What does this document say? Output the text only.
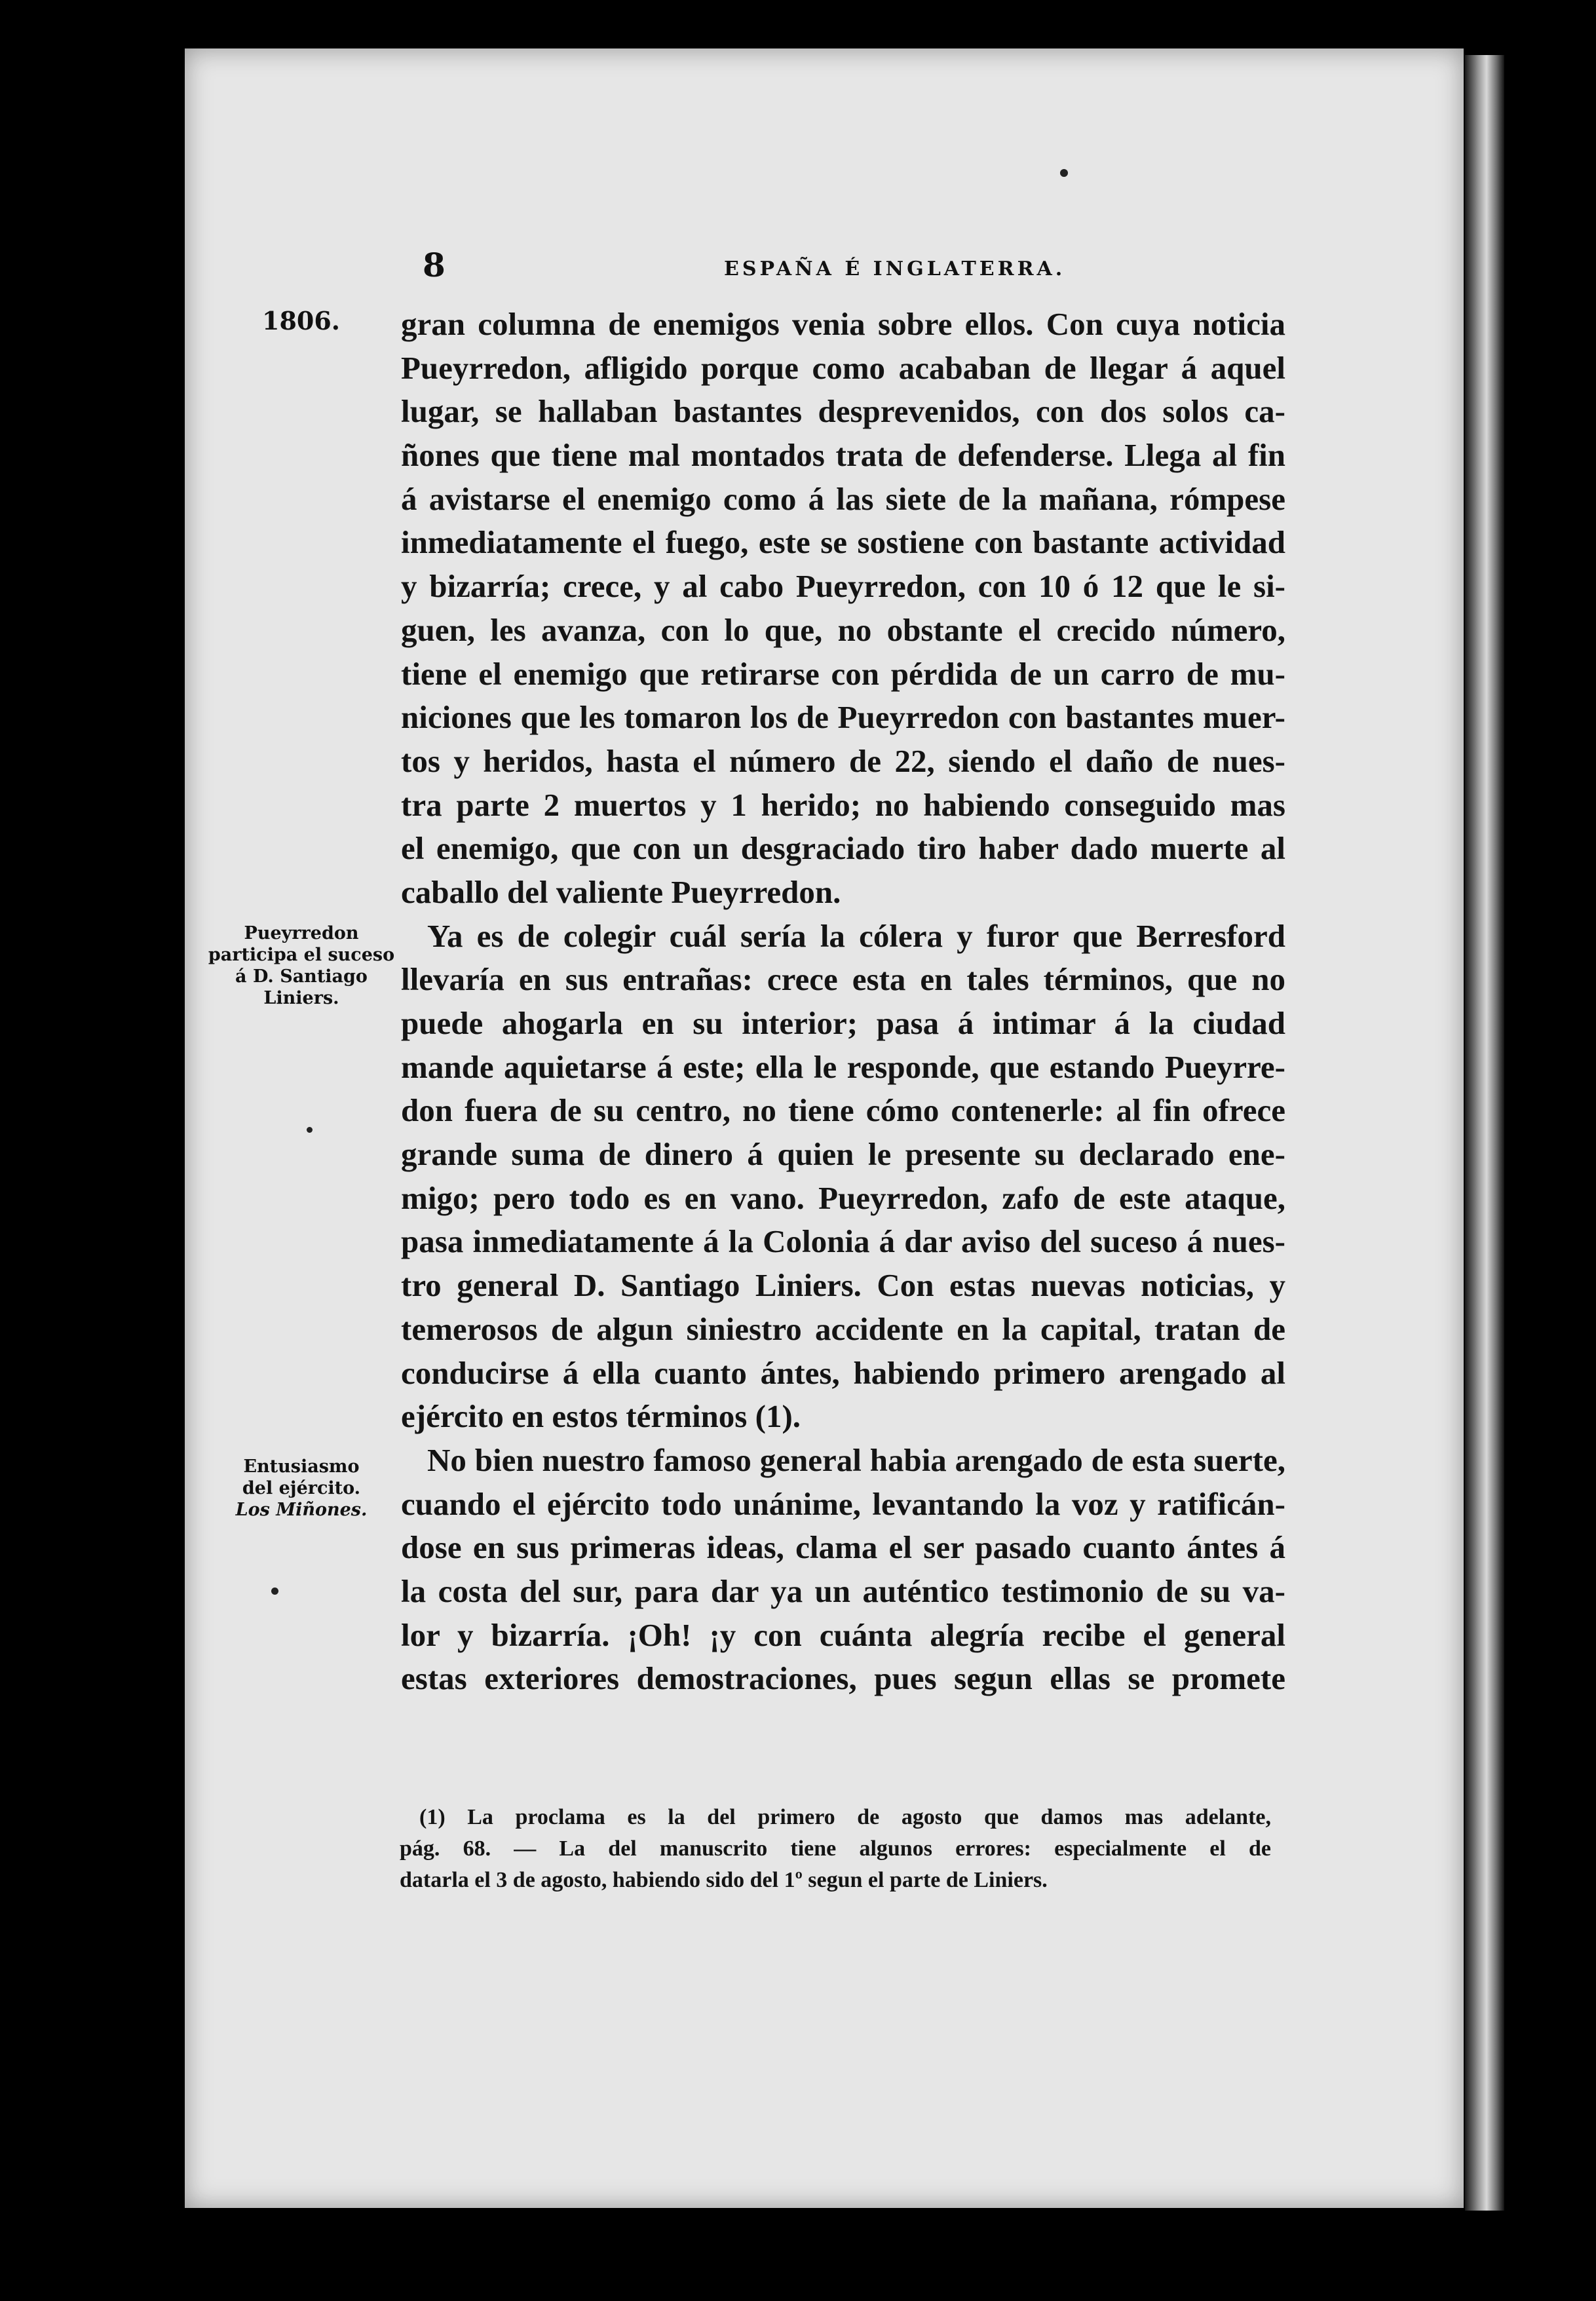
8	ESPAÑA É INGLATERRA.
1806.
Pueyrredon
participa el suceso
á D. Santiago
Liniers.
Entusiasmo
del ejército.
Los Miñones.
gran columna de enemigos venia sobre ellos. Con cuya noticia
Pueyrredon, afligido porque como acababan de llegar á aquel
lugar, se hallaban bastantes desprevenidos, con dos solos ca-
ñones que tiene mal montados trata de defenderse. Llega al fin
á avistarse el enemigo como á las siete de la mañana, rómpese
inmediatamente el fuego, este se sostiene con bastante actividad
y bizarría; crece, y al cabo Pueyrredon, con 10 ó 12 que le si-
guen, les avanza, con lo que, no obstante el crecido número,
tiene el enemigo que retirarse con pérdida de un carro de mu-
niciones que les tomaron los de Pueyrredon con bastantes muer-
tos y heridos, hasta el número de 22, siendo el daño de nues-
tra parte 2 muertos y 1 herido; no habiendo conseguido mas
el enemigo, que con un desgraciado tiro haber dado muerte al
caballo del valiente Pueyrredon.
Ya es de colegir cuál sería la cólera y furor que Berresford
llevaría en sus entrañas: crece esta en tales términos, que no
puede ahogarla en su interior; pasa á intimar á la ciudad
mande aquietarse á este; ella le responde, que estando Pueyrre-
don fuera de su centro, no tiene cómo contenerle: al fin ofrece
grande suma de dinero á quien le presente su declarado ene-
migo; pero todo es en vano. Pueyrredon, zafo de este ataque,
pasa inmediatamente á la Colonia á dar aviso del suceso á nues-
tro general D. Santiago Liniers. Con estas nuevas noticias, y
temerosos de algun siniestro accidente en la capital, tratan de
conducirse á ella cuanto ántes, habiendo primero arengado al
ejército en estos términos (1).
No bien nuestro famoso general habia arengado de esta suerte,
cuando el ejército todo unánime, levantando la voz y ratificán-
dose en sus primeras ideas, clama el ser pasado cuanto ántes á
la costa del sur, para dar ya un auténtico testimonio de su va-
lor y bizarría. ¡Oh! ¡y con cuánta alegría recibe el general
estas exteriores demostraciones, pues segun ellas se promete
(1) La proclama es la del primero de agosto que damos mas adelante,
pág. 68. — La del manuscrito tiene algunos errores: especialmente el de
datarla el 3 de agosto, habiendo sido del 1º segun el parte de Liniers.
